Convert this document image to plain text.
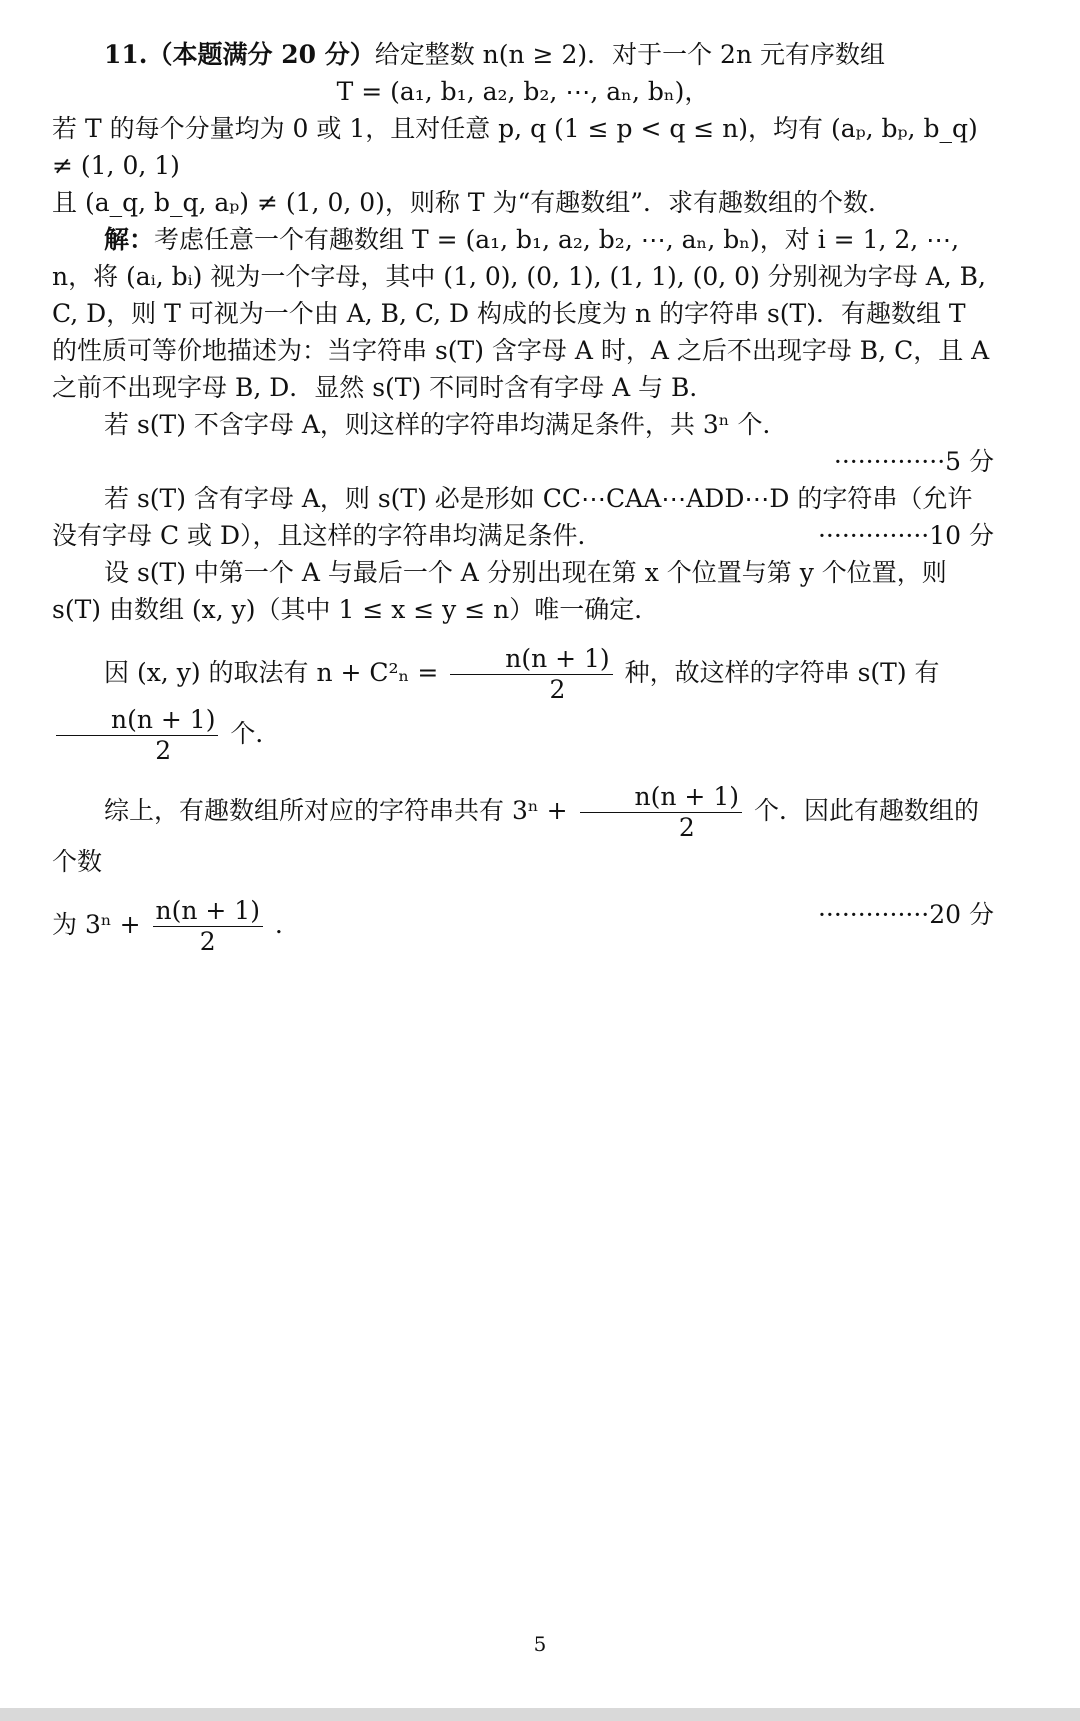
11.（本题满分 20 分）给定整数 n(n ≥ 2)．对于一个 2n 元有序数组

T = (a₁, b₁, a₂, b₂, ⋯, aₙ, bₙ)，

若 T 的每个分量均为 0 或 1，且对任意 p, q (1 ≤ p < q ≤ n)，均有 (aₚ, bₚ, b_q) ≠ (1, 0, 1)

且 (a_q, b_q, aₚ) ≠ (1, 0, 0)，则称 T 为“有趣数组”．求有趣数组的个数．

解：考虑任意一个有趣数组 T = (a₁, b₁, a₂, b₂, ⋯, aₙ, bₙ)，对 i = 1, 2, ⋯, n，将 (aᵢ, bᵢ) 视为一个字母，其中 (1, 0), (0, 1), (1, 1), (0, 0) 分别视为字母 A, B, C, D，则 T 可视为一个由 A, B, C, D 构成的长度为 n 的字符串 s(T)．有趣数组 T 的性质可等价地描述为：当字符串 s(T) 含字母 A 时，A 之后不出现字母 B, C，且 A 之前不出现字母 B, D．显然 s(T) 不同时含有字母 A 与 B．

若 s(T) 不含字母 A，则这样的字符串均满足条件，共 3ⁿ 个．
··············5 分

若 s(T) 含有字母 A，则 s(T) 必是形如 CC⋯CAA⋯ADD⋯D 的字符串（允许没有字母 C 或 D），且这样的字符串均满足条件．	··············10 分

设 s(T) 中第一个 A 与最后一个 A 分别出现在第 x 个位置与第 y 个位置，则 s(T) 由数组 (x, y)（其中 1 ≤ x ≤ y ≤ n）唯一确定．

因 (x, y) 的取法有 $n + C^2_n = \frac{n(n + 1)}{2}$ 种，故这样的字符串 s(T) 有
$\frac{n(n + 1)}{2}$ 个．

综上，有趣数组所对应的字符串共有 $3^n + \frac{n(n + 1)}{2}$ 个．因此有趣数组的个数

为 $3^n + \frac{n(n + 1)}{2}$ ．	··············20 分

5
